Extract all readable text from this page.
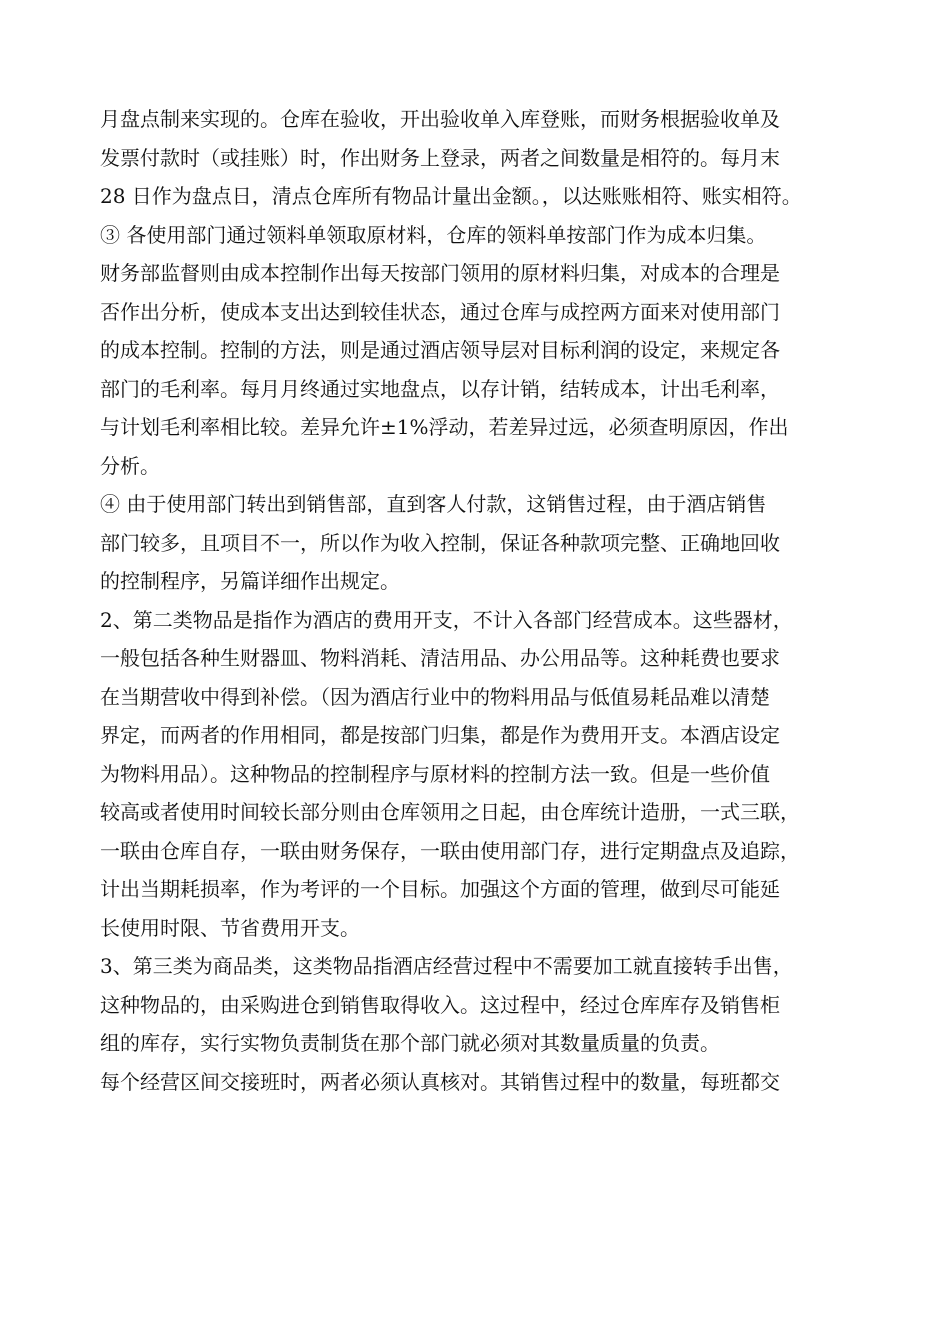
月盘点制来实现的。仓库在验收，开出验收单入库登账，而财务根据验收单及
发票付款时（或挂账）时，作出财务上登录，两者之间数量是相符的。每月末
28 日作为盘点日，清点仓库所有物品计量出金额。，以达账账相符、账实相符。
③ 各使用部门通过领料单领取原材料，仓库的领料单按部门作为成本归集。
财务部监督则由成本控制作出每天按部门领用的原材料归集，对成本的合理是
否作出分析，使成本支出达到较佳状态，通过仓库与成控两方面来对使用部门
的成本控制。控制的方法，则是通过酒店领导层对目标利润的设定，来规定各
部门的毛利率。每月月终通过实地盘点，以存计销，结转成本，计出毛利率，
与计划毛利率相比较。差异允许±1%浮动，若差异过远，必须查明原因，作出
分析。
④ 由于使用部门转出到销售部，直到客人付款，这销售过程，由于酒店销售
部门较多，且项目不一，所以作为收入控制，保证各种款项完整、正确地回收
的控制程序，另篇详细作出规定。
2、第二类物品是指作为酒店的费用开支，不计入各部门经营成本。这些器材，
一般包括各种生财器皿、物料消耗、清洁用品、办公用品等。这种耗费也要求
在当期营收中得到补偿。（因为酒店行业中的物料用品与低值易耗品难以清楚
界定，而两者的作用相同，都是按部门归集，都是作为费用开支。本酒店设定
为物料用品）。这种物品的控制程序与原材料的控制方法一致。但是一些价值
较高或者使用时间较长部分则由仓库领用之日起，由仓库统计造册，一式三联，
一联由仓库自存，一联由财务保存，一联由使用部门存，进行定期盘点及追踪，
计出当期耗损率，作为考评的一个目标。加强这个方面的管理，做到尽可能延
长使用时限、节省费用开支。
3、第三类为商品类，这类物品指酒店经营过程中不需要加工就直接转手出售，
这种物品的，由采购进仓到销售取得收入。这过程中，经过仓库库存及销售柜
组的库存，实行实物负责制货在那个部门就必须对其数量质量的负责。
每个经营区间交接班时，两者必须认真核对。其销售过程中的数量，每班都交
